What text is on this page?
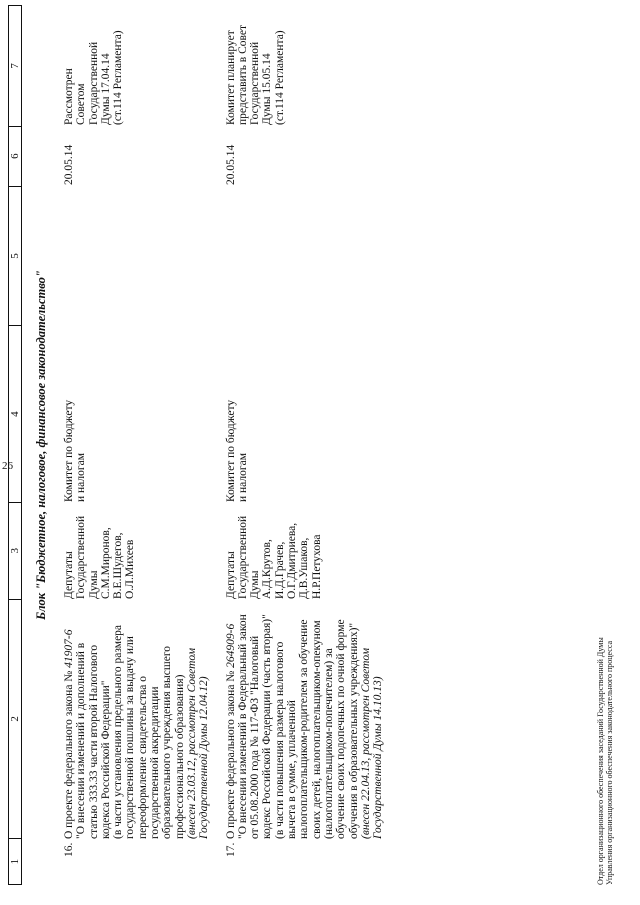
26
1
2
3
4
5
6
7
Блок "Бюджетное, налоговое, финансовое законодательство"
16.
О проекте федерального закона № 41907-6
"О внесении изменений и дополнений в
статью 333.33 части второй Налогового
кодекса Российской Федерации"
(в части установления предельного размера
государственной пошлины за выдачу или
переоформление свидетельства о
государственной аккредитации
образовательного учреждения высшего
профессионального образования)
(внесен 23.03.12, рассмотрен Советом
Государственной Думы 12.04.12)
Депутаты
Государственной
Думы
С.М.Миронов,
В.Е.Шудегов,
О.Л.Михеев
Комитет по бюджету
и налогам
20.05.14
Рассмотрен
Советом
Государственной
Думы 17.04.14
(ст.114 Регламента)
17.
О проекте федерального закона № 264909-6
"О внесении изменений в Федеральный закон
от 05.08.2000 года № 117-ФЗ "Налоговый
кодекс Российской Федерации (часть вторая)"
(в части повышения размера налогового
вычета в сумме, уплаченной
налогоплательщиком-родителем за обучение
своих детей, налогоплательщиком-опекуном
(налогоплательщиком-попечителем) за
обучение своих подопечных по очной форме
обучения в образовательных учреждениях)"
(внесен 22.04.13, рассмотрен Советом
Государственной Думы 14.10.13)
Депутаты
Государственной
Думы
А.Д.Крутов,
И.Д.Грачев,
О.Г.Дмитриева,
Д.В.Ушаков,
Н.Р.Петухова
Комитет по бюджету
и налогам
20.05.14
Комитет планирует
представить в Совет
Государственной
Думы 15.05.14
(ст.114 Регламента)
Отдел организационного обеспечения заседаний Государственной Думы Управления организационного обеспечения законодательного процесса
